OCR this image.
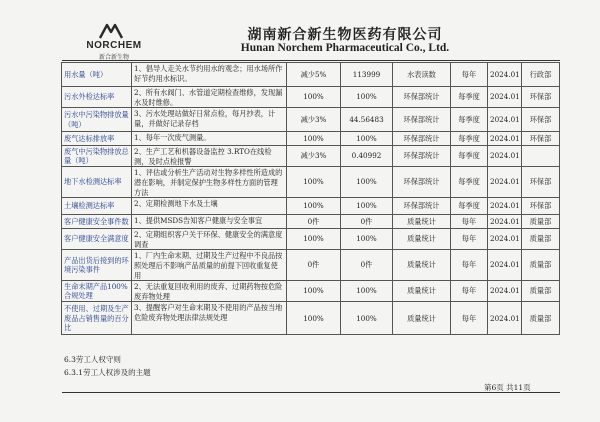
NORCHEM
新合新生物
湖南新合新生物医药有限公司
Hunan Norchem Pharmaceutical Co., Ltd.
用水量（吨）	1、倡导人走关水节约用水的观念；用水场所作好节约用水标识。	减少5%	113999	水表读数	每年	2024.01	行政部
污水外检达标率	2、所有水阀门、水管道定期检查维修，发现漏水及时维修。	100%	100%	环保部统计	每季度	2024.01	环保部
污水中污染物排放量（吨）	3、污水处理站做好日常点检，每月抄表，计量，并做好记录存档	减少3%	44.56483	环保部统计	每季度	2024.01	环保部
废气达标排放率	1、每年一次废气测量。	100%	100%	环保部统计	每季度	2024.01	环保部
废气中污染物排放总量（吨）	2、生产工艺和机器设备监控 3.RTO在线检测，及时点检报警	减少3%	0.40992	环保部统计	每季度	2024.01	
地下水检测达标率	1、评估或分析生产活动对生物多样性所造成的潜在影响，并制定保护生物多样性方面的管理方法	100%	100%	环保部统计	每季度	2024.01	环保部
土壤检测达标率	2、定期检测地下水及土壤	100%	100%	环保部统计	每季度	2024.01	环保部
客户健康安全事件数	1、提供MSDS告知客户健康与安全事宜	0件	0件	质量统计	每年	2024.01	质量部
客户健康安全满意度	2、定期组织客户关于环保、健康安全的满意度调查	100%	100%	质量统计	每年	2024.01	质量部
产品出货后接到的环境污染事件	1、厂内生命末期、过期及生产过程中不良品按照处理后不影响产品质量的前提下回收重复使用	0件	0件	质量统计	每年	2024.01	质量部
生命末期产品100%合规处理	2、无法重复回收利用的废弃、过期药物按危险废弃物处理	100%	100%	质量统计	每年	2024.01	质量部
不使用、过期及生产废品占销售量的百分比	3、提醒客户对生命末期及不使用的产品按当地危险废弃物处理法律法规处理	100%	100%	质量统计	每年	2024.01	质量部
6.3劳工人权守则
6.3.1劳工人权涉及的主题
第6页 共11页
